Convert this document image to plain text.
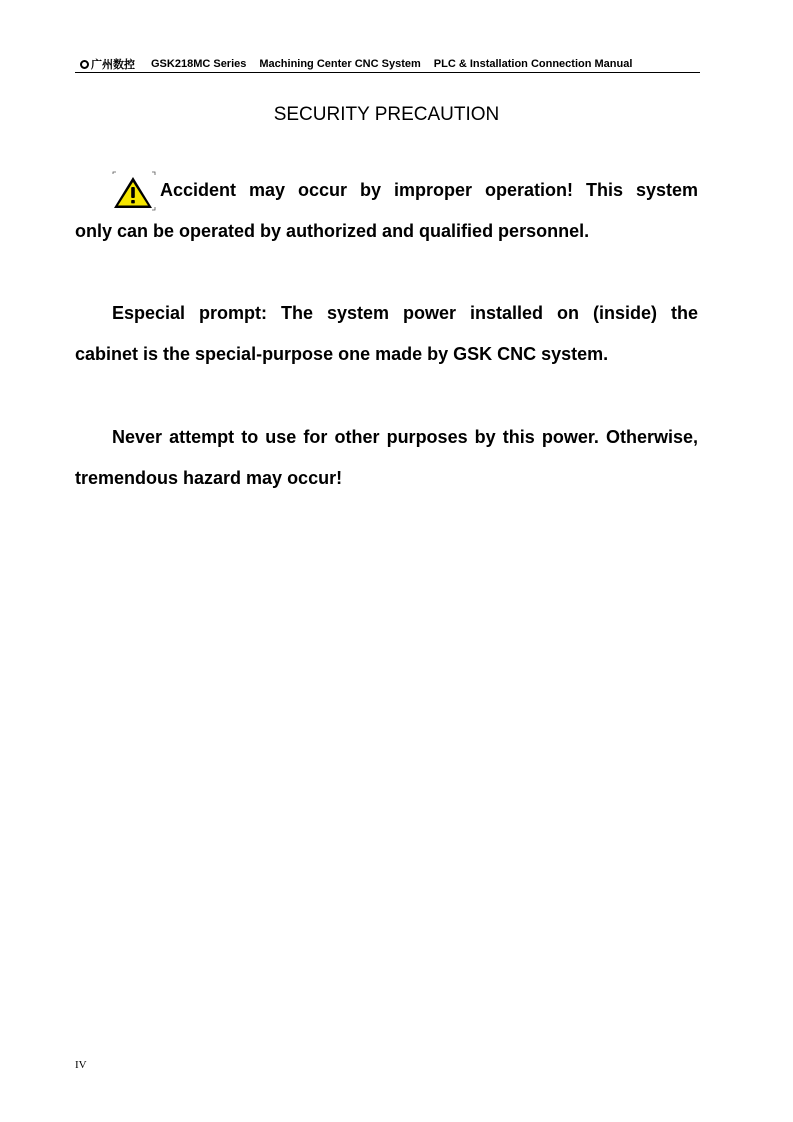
广州数控 GSK218MC Series Machining Center CNC System PLC & Installation Connection Manual
SECURITY PRECAUTION
Accident may occur by improper operation! This system
only can be operated by authorized and qualified personnel.
Especial prompt: The system power installed on (inside) the
cabinet is the special-purpose one made by GSK CNC system.
Never attempt to use for other purposes by this power. Otherwise,
tremendous hazard may occur!
IV
